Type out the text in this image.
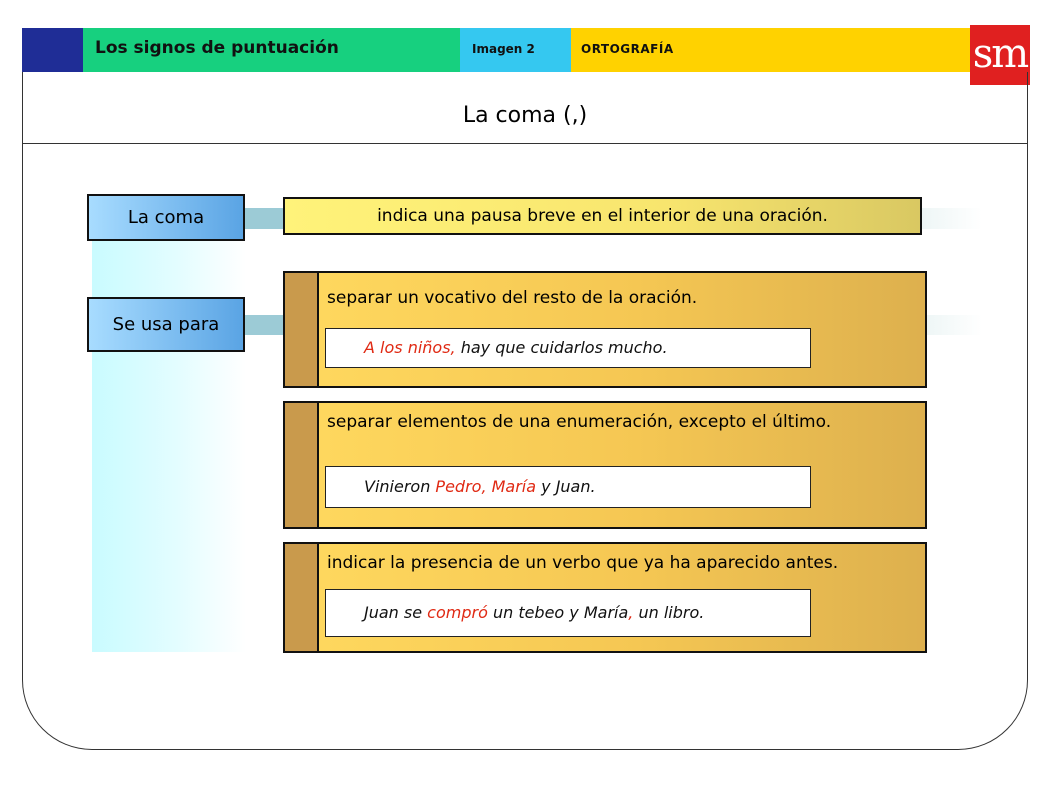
Los signos de puntuación	Imagen 2	ORTOGRAFÍA	sm
La coma (,)
La coma
Se usa para
indica una pausa breve en el interior de una oración.
separar un vocativo del resto de la oración.
A los niños, hay que cuidarlos mucho.
separar elementos de una enumeración, excepto el último.
Vinieron Pedro, María y Juan.
indicar la presencia de un verbo que ya ha aparecido antes.
Juan se compró un tebeo y María, un libro.
